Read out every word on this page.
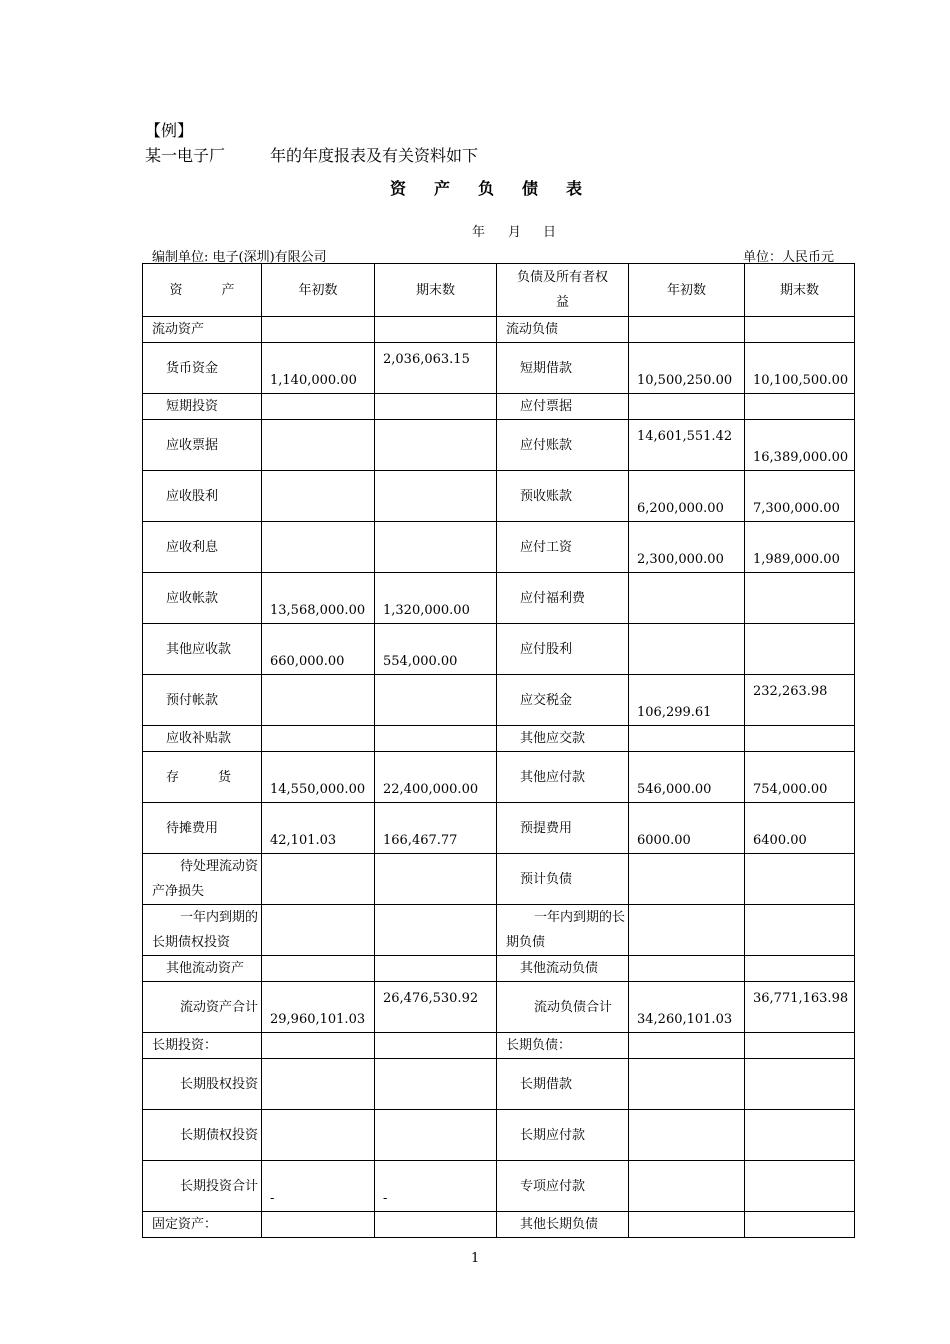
【例】
某一电子厂	年的年度报表及有关资料如下
资产负债表
年 月 日
编制单位: 电子(深圳)有限公司	单位：人民币元
资　　　产	年初数	期末数	负债及所有者权益	年初数	期末数

流动资产			流动负债		

货币资金	1,140,000.00	2,036,063.15	短期借款	10,500,250.00	10,100,500.00

短期投资			应付票据		

应收票据			应付账款	14,601,551.42	16,389,000.00

应收股利			预收账款	6,200,000.00	7,300,000.00

应收利息			应付工资	2,300,000.00	1,989,000.00

应收帐款	13,568,000.00	1,320,000.00	应付福利费		

其他应收款	660,000.00	554,000.00	应付股利		

预付帐款			应交税金	106,299.61	232,263.98

应收补贴款			其他应交款		

存　　　货	14,550,000.00	22,400,000.00	其他应付款	546,000.00	754,000.00

待摊费用	42,101.03	166,467.77	预提费用	6000.00	6400.00

待处理流动资产净损失			预计负债		

一年内到期的长期债权投资			一年内到期的长期负债		

其他流动资产			其他流动负债		

流动资产合计	29,960,101.03	26,476,530.92	流动负债合计	34,260,101.03	36,771,163.98

长期投资：			长期负债：		

长期股权投资			长期借款		

长期债权投资			长期应付款		

长期投资合计	-	-	专项应付款		

固定资产：			其他长期负债		

1
